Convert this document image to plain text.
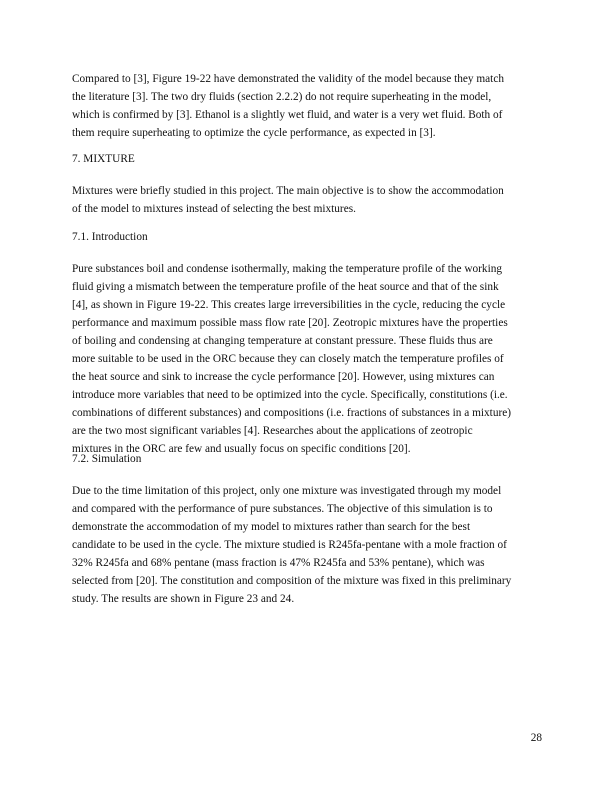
Compared to [3], Figure 19-22 have demonstrated the validity of the model because they match
the literature [3]. The two dry fluids (section 2.2.2) do not require superheating in the model,
which is confirmed by [3]. Ethanol is a slightly wet fluid, and water is a very wet fluid. Both of
them require superheating to optimize the cycle performance, as expected in [3].
7. MIXTURE
Mixtures were briefly studied in this project. The main objective is to show the accommodation
of the model to mixtures instead of selecting the best mixtures.
7.1. Introduction
Pure substances boil and condense isothermally, making the temperature profile of the working
fluid giving a mismatch between the temperature profile of the heat source and that of the sink
[4], as shown in Figure 19-22. This creates large irreversibilities in the cycle, reducing the cycle
performance and maximum possible mass flow rate [20]. Zeotropic mixtures have the properties
of boiling and condensing at changing temperature at constant pressure. These fluids thus are
more suitable to be used in the ORC because they can closely match the temperature profiles of
the heat source and sink to increase the cycle performance [20]. However, using mixtures can
introduce more variables that need to be optimized into the cycle. Specifically, constitutions (i.e.
combinations of different substances) and compositions (i.e. fractions of substances in a mixture)
are the two most significant variables [4]. Researches about the applications of zeotropic
mixtures in the ORC are few and usually focus on specific conditions [20].
7.2. Simulation
Due to the time limitation of this project, only one mixture was investigated through my model
and compared with the performance of pure substances. The objective of this simulation is to
demonstrate the accommodation of my model to mixtures rather than search for the best
candidate to be used in the cycle. The mixture studied is R245fa-pentane with a mole fraction of
32% R245fa and 68% pentane (mass fraction is 47% R245fa and 53% pentane), which was
selected from [20]. The constitution and composition of the mixture was fixed in this preliminary
study. The results are shown in Figure 23 and 24.
28
